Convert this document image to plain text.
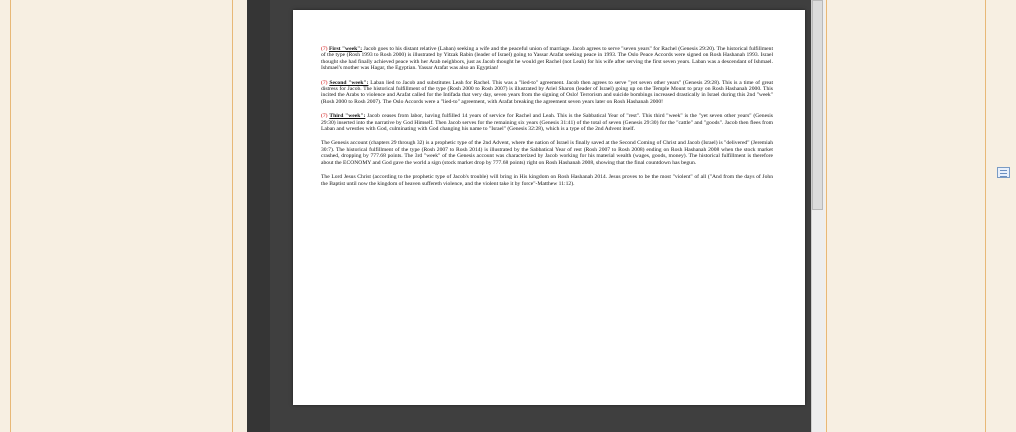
(7) First "week": Jacob goes to his distant relative (Laban) seeking a wife and the peaceful union of marriage. Jacob agrees to serve "seven years" for Rachel (Genesis 29:20). The historical fulfillment of the type (Rosh 1993 to Rosh 2000) is illustrated by Yitzak Rabin (leader of Israel) going to Yassar Arafat seeking peace in 1993. The Oslo Peace Accords were signed on Rosh Hashanah 1993. Israel thought she had finally achieved peace with her Arab neighbors, just as Jacob thought he would get Rachel (not Leah) for his wife after serving the first seven years. Laban was a descendant of Ishmael. Ishmael's mother was Hagar, the Egyptian. Yassar Arafat was also an Egyptian!

(7) Second "week": Laban lied to Jacob and substitutes Leah for Rachel. This was a "lied-to" agreement. Jacob then agrees to serve "yet seven other years" (Genesis 29:28). This is a time of great distress for Jacob. The historical fulfillment of the type (Rosh 2000 to Rosh 2007) is illustrated by Ariel Sharon (leader of Israel) going up on the Temple Mount to pray on Rosh Hashanah 2000. This incited the Arabs to violence and Arafat called for the Intifada that very day, seven years from the signing of Oslo! Terrorism and suicide bombings increased drastically in Israel during this 2nd "week" (Rosh 2000 to Rosh 2007). The Oslo Accords were a "lied-to" agreement, with Arafat breaking the agreement seven years later on Rosh Hashanah 2000!

(7) Third "week": Jacob ceases from labor, having fulfilled 14 years of service for Rachel and Leah. This is the Sabbatical Year of "rest". This third "week" is the "yet seven other years" (Genesis 29:30) inserted into the narrative by God Himself. Then Jacob serves for the remaining six years (Genesis 31:41) of the total of seven (Genesis 29:30) for the "cattle" and "goods". Jacob then flees from Laban and wrestles with God, culminating with God changing his name to "Israel" (Genesis 32:28), which is a type of the 2nd Advent itself.

The Genesis account (chapters 29 through 32) is a prophetic type of the 2nd Advent, where the nation of Israel is finally saved at the Second Coming of Christ and Jacob (Israel) is "delivered" (Jeremiah 30:7). The historical fulfillment of the type (Rosh 2007 to Rosh 2014) is illustrated by the Sabbatical Year of rest (Rosh 2007 to Rosh 2008) ending on Rosh Hashanah 2008 when the stock market crashed, dropping by 777.68 points. The 3rd "week" of the Genesis account was characterized by Jacob working for his material wealth (wages, goods, money). The historical fulfillment is therefore about the ECONOMY and God gave the world a sign (stock market drop by 777.68 points) right on Rosh Hashanah 2008, showing that the final countdown has begun.

The Lord Jesus Christ (according to the prophetic type of Jacob's trouble) will bring in His kingdom on Rosh Hashanah 2014. Jesus proves to be the most "violent" of all ("And from the days of John the Baptist until now the kingdom of heaven suffereth violence, and the violent take it by force"-Matthew 11:12).
